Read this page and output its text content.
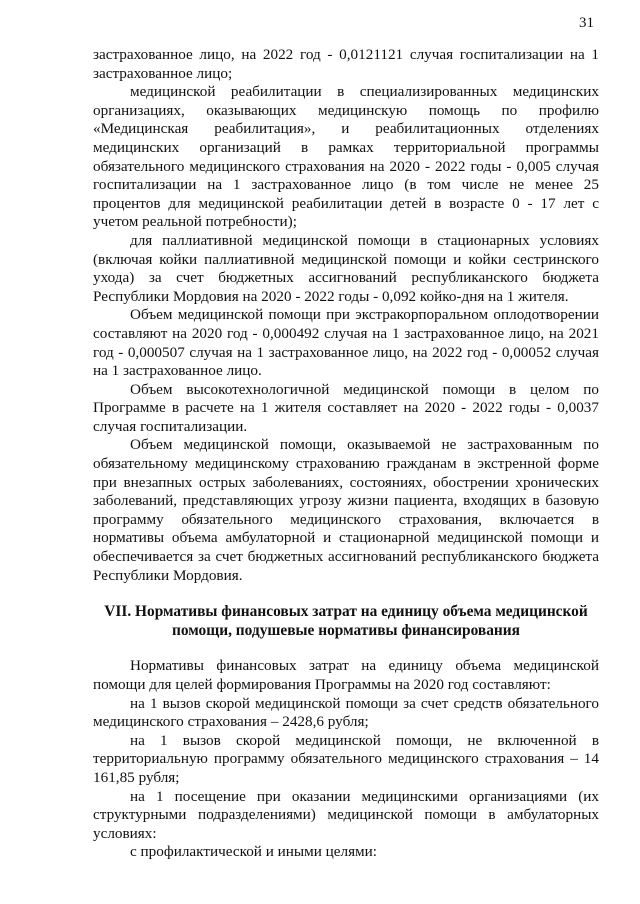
31

застрахованное лицо, на 2022 год - 0,0121121 случая госпитализации на 1 застрахованное лицо;

медицинской реабилитации в специализированных медицинских организациях, оказывающих медицинскую помощь по профилю «Медицинская реабилитация», и реабилитационных отделениях медицинских организаций в рамках территориальной программы обязательного медицинского страхования на 2020 - 2022 годы - 0,005 случая госпитализации на 1 застрахованное лицо (в том числе не менее 25 процентов для медицинской реабилитации детей в возрасте 0 - 17 лет с учетом реальной потребности);

для паллиативной медицинской помощи в стационарных условиях (включая койки паллиативной медицинской помощи и койки сестринского ухода) за счет бюджетных ассигнований республиканского бюджета Республики Мордовия на 2020 - 2022 годы - 0,092 койко-дня на 1 жителя.

Объем медицинской помощи при экстракорпоральном оплодотворении составляют на 2020 год - 0,000492 случая на 1 застрахованное лицо, на 2021 год - 0,000507 случая на 1 застрахованное лицо, на 2022 год - 0,00052 случая на 1 застрахованное лицо.

Объем высокотехнологичной медицинской помощи в целом по Программе в расчете на 1 жителя составляет на 2020 - 2022 годы - 0,0037 случая госпитализации.

Объем медицинской помощи, оказываемой не застрахованным по обязательному медицинскому страхованию гражданам в экстренной форме при внезапных острых заболеваниях, состояниях, обострении хронических заболеваний, представляющих угрозу жизни пациента, входящих в базовую программу обязательного медицинского страхования, включается в нормативы объема амбулаторной и стационарной медицинской помощи и обеспечивается за счет бюджетных ассигнований республиканского бюджета Республики Мордовия.

VII. Нормативы финансовых затрат на единицу объема медицинской
помощи, подушевые нормативы финансирования

Нормативы финансовых затрат на единицу объема медицинской помощи для целей формирования Программы на 2020 год составляют:

на 1 вызов скорой медицинской помощи за счет средств обязательного медицинского страхования – 2428,6 рубля;

на 1 вызов скорой медицинской помощи, не включенной в территориальную программу обязательного медицинского страхования – 14 161,85 рубля;

на 1 посещение при оказании медицинскими организациями (их структурными подразделениями) медицинской помощи в амбулаторных условиях:

с профилактической и иными целями:
